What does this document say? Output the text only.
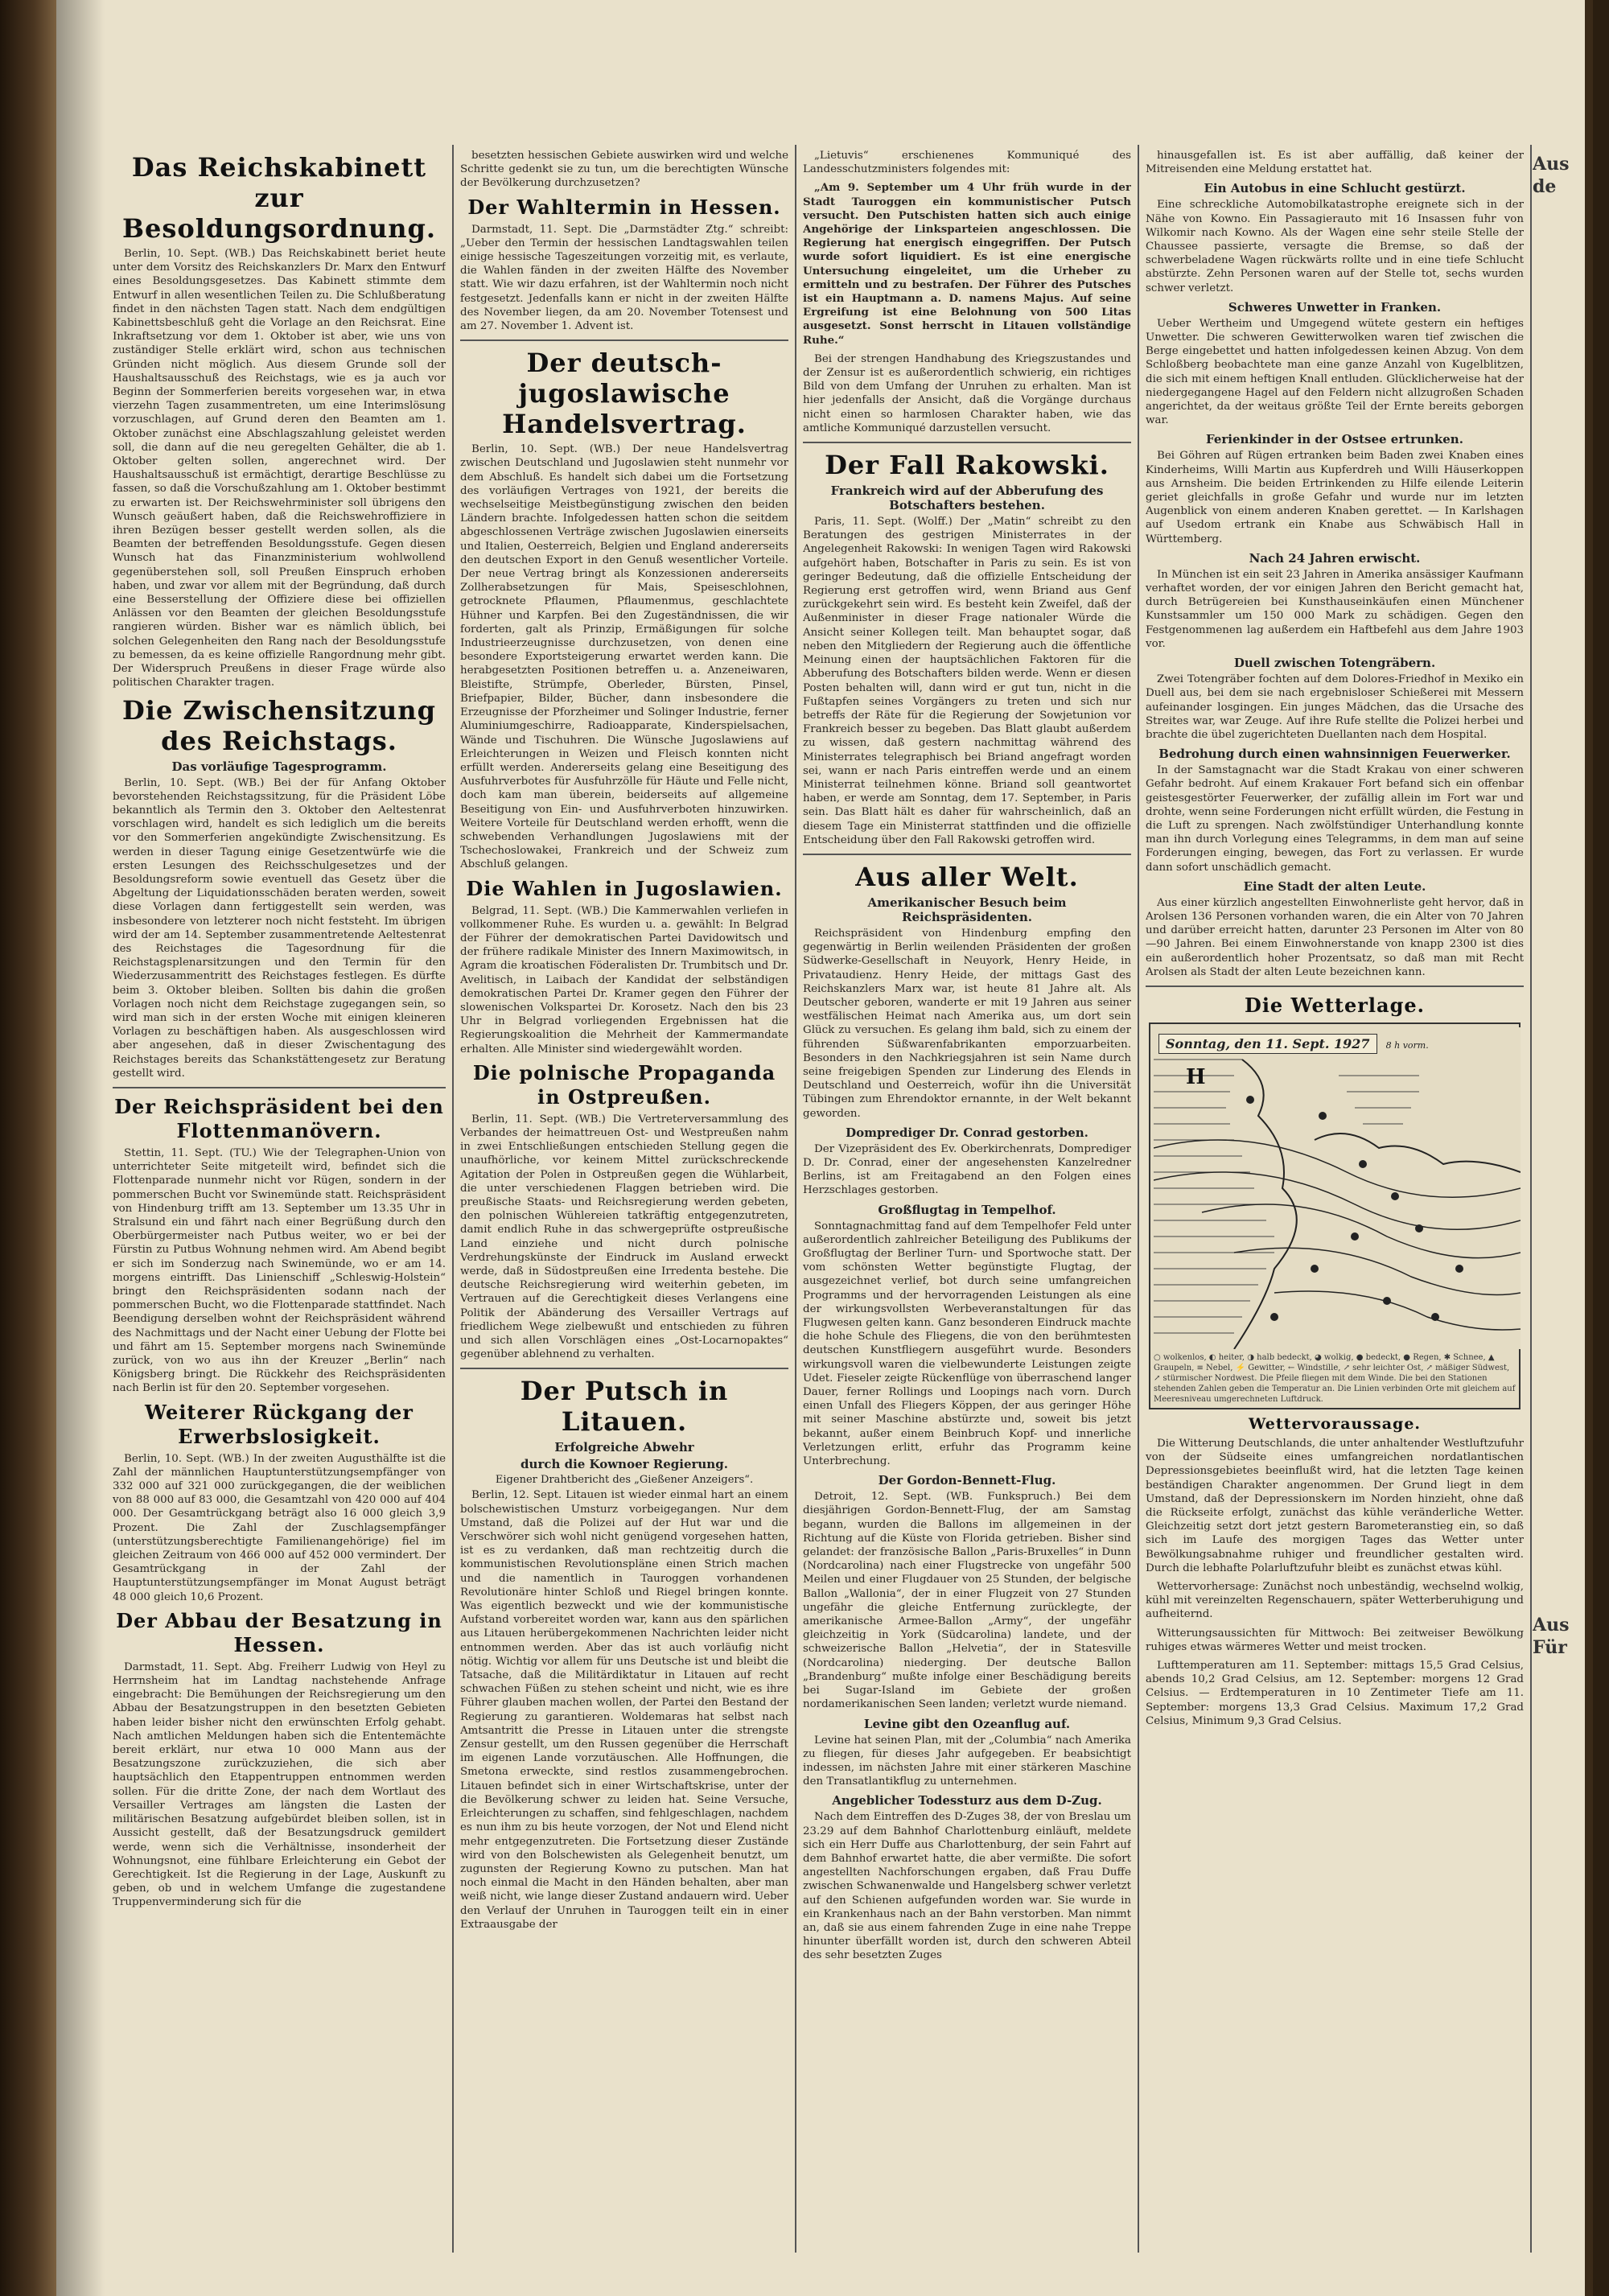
Das Reichskabinett zur Besoldungsordnung.

Berlin, 10. Sept. (WB.) Das Reichskabinett beriet heute unter dem Vorsitz des Reichskanzlers Dr. Marx den Entwurf eines Besoldungsgesetzes. Das Kabinett stimmte dem Entwurf in allen wesentlichen Teilen zu. Die Schlußberatung findet in den nächsten Tagen statt. Nach dem endgültigen Kabinettsbeschluß geht die Vorlage an den Reichsrat. Eine Inkraftsetzung vor dem 1. Oktober ist aber, wie uns von zuständiger Stelle erklärt wird, schon aus technischen Gründen nicht möglich. Aus diesem Grunde soll der Haushaltsausschuß des Reichstags, wie es ja auch vor Beginn der Sommerferien bereits vorgesehen war, in etwa vierzehn Tagen zusammentreten, um eine Interimslösung vorzuschlagen, auf Grund deren den Beamten am 1. Oktober zunächst eine Abschlagszahlung geleistet werden soll, die dann auf die neu geregelten Gehälter, die ab 1. Oktober gelten sollen, angerechnet wird. Der Haushaltsausschuß ist ermächtigt, derartige Beschlüsse zu fassen, so daß die Vorschußzahlung am 1. Oktober bestimmt zu erwarten ist. Der Reichswehrminister soll übrigens den Wunsch geäußert haben, daß die Reichswehroffiziere in ihren Bezügen besser gestellt werden sollen, als die Beamten der betreffenden Besoldungsstufe. Gegen diesen Wunsch hat das Finanzministerium wohlwollend gegenüberstehen soll, soll Preußen Einspruch erhoben haben, und zwar vor allem mit der Begründung, daß durch eine Besserstellung der Offiziere diese bei offiziellen Anlässen vor den Beamten der gleichen Besoldungsstufe rangieren würden. Bisher war es nämlich üblich, bei solchen Gelegenheiten den Rang nach der Besoldungsstufe zu bemessen, da es keine offizielle Rangordnung mehr gibt. Der Widerspruch Preußens in dieser Frage würde also politischen Charakter tragen.

Die Zwischensitzung des Reichstags.
Das vorläufige Tagesprogramm.

Berlin, 10. Sept. (WB.) Bei der für Anfang Oktober bevorstehenden Reichstagssitzung, für die Präsident Löbe bekanntlich als Termin den 3. Oktober den Aeltestenrat vorschlagen wird, handelt es sich lediglich um die bereits vor den Sommerferien angekündigte Zwischensitzung. Es werden in dieser Tagung einige Gesetzentwürfe wie die ersten Lesungen des Reichsschulgesetzes und der Besoldungsreform sowie eventuell das Gesetz über die Abgeltung der Liquidationsschäden beraten werden, soweit diese Vorlagen dann fertiggestellt sein werden, was insbesondere von letzterer noch nicht feststeht. Im übrigen wird der am 14. September zusammentretende Aeltestenrat des Reichstages die Tagesordnung für die Reichstagsplenarsitzungen und den Termin für den Wiederzusammentritt des Reichstages festlegen. Es dürfte beim 3. Oktober bleiben. Sollten bis dahin die großen Vorlagen noch nicht dem Reichstage zugegangen sein, so wird man sich in der ersten Woche mit einigen kleineren Vorlagen zu beschäftigen haben. Als ausgeschlossen wird aber angesehen, daß in dieser Zwischentagung des Reichstages bereits das Schankstättengesetz zur Beratung gestellt wird.

Der Reichspräsident bei den Flottenmanövern.

Stettin, 11. Sept. (TU.) Wie der Telegraphen-Union von unterrichteter Seite mitgeteilt wird, befindet sich die Flottenparade nunmehr nicht vor Rügen, sondern in der pommerschen Bucht vor Swinemünde statt. Reichspräsident von Hindenburg trifft am 13. September um 13.35 Uhr in Stralsund ein und fährt nach einer Begrüßung durch den Oberbürgermeister nach Putbus weiter, wo er bei der Fürstin zu Putbus Wohnung nehmen wird. Am Abend begibt er sich im Sonderzug nach Swinemünde, wo er am 14. morgens eintrifft. Das Linienschiff „Schleswig-Holstein“ bringt den Reichspräsidenten sodann nach der pommerschen Bucht, wo die Flottenparade stattfindet. Nach Beendigung derselben wohnt der Reichspräsident während des Nachmittags und der Nacht einer Uebung der Flotte bei und fährt am 15. September morgens nach Swinemünde zurück, von wo aus ihn der Kreuzer „Berlin“ nach Königsberg bringt. Die Rückkehr des Reichspräsidenten nach Berlin ist für den 20. September vorgesehen.

Weiterer Rückgang der Erwerbslosigkeit.

Berlin, 10. Sept. (WB.) In der zweiten Augusthälfte ist die Zahl der männlichen Hauptunterstützungsempfänger von 332 000 auf 321 000 zurückgegangen, die der weiblichen von 88 000 auf 83 000, die Gesamtzahl von 420 000 auf 404 000. Der Gesamtrückgang beträgt also 16 000 gleich 3,9 Prozent. Die Zahl der Zuschlagsempfänger (unterstützungsberechtigte Familienangehörige) fiel im gleichen Zeitraum von 466 000 auf 452 000 vermindert. Der Gesamtrückgang in der Zahl der Hauptunterstützungsempfänger im Monat August beträgt 48 000 gleich 10,6 Prozent.

Der Abbau der Besatzung in Hessen.

Darmstadt, 11. Sept. Abg. Freiherr Ludwig von Heyl zu Herrnsheim hat im Landtag nachstehende Anfrage eingebracht: Die Bemühungen der Reichsregierung um den Abbau der Besatzungstruppen in den besetzten Gebieten haben leider bisher nicht den erwünschten Erfolg gehabt. Nach amtlichen Meldungen haben sich die Ententemächte bereit erklärt, nur etwa 10 000 Mann aus der Besatzungszone zurückzuziehen, die sich aber hauptsächlich den Etappentruppen entnommen werden sollen. Für die dritte Zone, der nach dem Wortlaut des Versailler Vertrages am längsten die Lasten der militärischen Besatzung aufgebürdet bleiben sollen, ist in Aussicht gestellt, daß der Besatzungsdruck gemildert werde, wenn sich die Verhältnisse, insonderheit der Wohnungsnot, eine fühlbare Erleichterung ein Gebot der Gerechtigkeit. Ist die Regierung in der Lage, Auskunft zu geben, ob und in welchem Umfange die zugestandene Truppenverminderung sich für die

besetzten hessischen Gebiete auswirken wird und welche Schritte gedenkt sie zu tun, um die berechtigten Wünsche der Bevölkerung durchzusetzen?

Der Wahltermin in Hessen.

Darmstadt, 11. Sept. Die „Darmstädter Ztg.“ schreibt: „Ueber den Termin der hessischen Landtagswahlen teilen einige hessische Tageszeitungen vorzeitig mit, es verlaute, die Wahlen fänden in der zweiten Hälfte des November statt. Wie wir dazu erfahren, ist der Wahltermin noch nicht festgesetzt. Jedenfalls kann er nicht in der zweiten Hälfte des November liegen, da am 20. November Totensest und am 27. November 1. Advent ist.

Der deutsch-jugoslawische Handelsvertrag.

Berlin, 10. Sept. (WB.) Der neue Handelsvertrag zwischen Deutschland und Jugoslawien steht nunmehr vor dem Abschluß. Es handelt sich dabei um die Fortsetzung des vorläufigen Vertrages von 1921, der bereits die wechselseitige Meistbegünstigung zwischen den beiden Ländern brachte. Infolgedessen hatten schon die seitdem abgeschlossenen Verträge zwischen Jugoslawien einerseits und Italien, Oesterreich, Belgien und England andererseits den deutschen Export in den Genuß wesentlicher Vorteile. Der neue Vertrag bringt als Konzessionen andererseits Zollherabsetzungen für Mais, Speiseschlohnen, getrocknete Pflaumen, Pflaumenmus, geschlachtete Hühner und Karpfen. Bei den Zugeständnissen, die wir forderten, galt als Prinzip, Ermäßigungen für solche Industrieerzeugnisse durchzusetzen, von denen eine besondere Exportsteigerung erwartet werden kann. Die herabgesetzten Positionen betreffen u. a. Anzeneiwaren, Bleistifte, Strümpfe, Oberleder, Bürsten, Pinsel, Briefpapier, Bilder, Bücher, dann insbesondere die Erzeugnisse der Pforzheimer und Solinger Industrie, ferner Aluminiumgeschirre, Radioapparate, Kinderspielsachen, Wände und Tischuhren. Die Wünsche Jugoslawiens auf Erleichterungen in Weizen und Fleisch konnten nicht erfüllt werden. Andererseits gelang eine Beseitigung des Ausfuhrverbotes für Ausfuhrzölle für Häute und Felle nicht, doch kam man überein, beiderseits auf allgemeine Beseitigung von Ein- und Ausfuhrverboten hinzuwirken. Weitere Vorteile für Deutschland werden erhofft, wenn die schwebenden Verhandlungen Jugoslawiens mit der Tschechoslowakei, Frankreich und der Schweiz zum Abschluß gelangen.

Die Wahlen in Jugoslawien.

Belgrad, 11. Sept. (WB.) Die Kammerwahlen verliefen in vollkommener Ruhe. Es wurden u. a. gewählt: In Belgrad der Führer der demokratischen Partei Davidowitsch und der frühere radikale Minister des Innern Maximowitsch, in Agram die kroatischen Föderalisten Dr. Trumbitsch und Dr. Avelitisch, in Laibach der Kandidat der selbständigen demokratischen Partei Dr. Kramer gegen den Führer der slowenischen Volkspartei Dr. Korosetz. Nach den bis 23 Uhr in Belgrad vorliegenden Ergebnissen hat die Regierungskoalition die Mehrheit der Kammermandate erhalten. Alle Minister sind wiedergewählt worden.

Die polnische Propaganda in Ostpreußen.

Berlin, 11. Sept. (WB.) Die Vertreterversammlung des Verbandes der heimattreuen Ost- und Westpreußen nahm in zwei Entschließungen entschieden Stellung gegen die unaufhörliche, vor keinem Mittel zurückschreckende Agitation der Polen in Ostpreußen gegen die Wühlarbeit, die unter verschiedenen Flaggen betrieben wird. Die preußische Staats- und Reichsregierung werden gebeten, den polnischen Wühlereien tatkräftig entgegenzutreten, damit endlich Ruhe in das schwergeprüfte ostpreußische Land einziehe und nicht durch polnische Verdrehungskünste der Eindruck im Ausland erweckt werde, daß in Südostpreußen eine Irredenta bestehe. Die deutsche Reichsregierung wird weiterhin gebeten, im Vertrauen auf die Gerechtigkeit dieses Verlangens eine Politik der Abänderung des Versailler Vertrags auf friedlichem Wege zielbewußt und entschieden zu führen und sich allen Vorschlägen eines „Ost-Locarnopaktes“ gegenüber ablehnend zu verhalten.

Der Putsch in Litauen.
Erfolgreiche Abwehr
durch die Kownoer Regierung.
Eigener Drahtbericht des „Gießener Anzeigers“.

Berlin, 12. Sept. Litauen ist wieder einmal hart an einem bolschewistischen Umsturz vorbeigegangen. Nur dem Umstand, daß die Polizei auf der Hut war und die Verschwörer sich wohl nicht genügend vorgesehen hatten, ist es zu verdanken, daß man rechtzeitig durch die kommunistischen Revolutionspläne einen Strich machen und die namentlich in Tauroggen vorhandenen Revolutionäre hinter Schloß und Riegel bringen konnte. Was eigentlich bezweckt und wie der kommunistische Aufstand vorbereitet worden war, kann aus den spärlichen aus Litauen herübergekommenen Nachrichten leider nicht entnommen werden. Aber das ist auch vorläufig nicht nötig. Wichtig vor allem für uns Deutsche ist und bleibt die Tatsache, daß die Militärdiktatur in Litauen auf recht schwachen Füßen zu stehen scheint und nicht, wie es ihre Führer glauben machen wollen, der Partei den Bestand der Regierung zu garantieren. Woldemaras hat selbst nach Amtsantritt die Presse in Litauen unter die strengste Zensur gestellt, um den Russen gegenüber die Herrschaft im eigenen Lande vorzutäuschen. Alle Hoffnungen, die Smetona erweckte, sind restlos zusammengebrochen. Litauen befindet sich in einer Wirtschaftskrise, unter der die Bevölkerung schwer zu leiden hat. Seine Versuche, Erleichterungen zu schaffen, sind fehlgeschlagen, nachdem es nun ihm zu bis heute vorzogen, der Not und Elend nicht mehr entgegenzutreten. Die Fortsetzung dieser Zustände wird von den Bolschewisten als Gelegenheit benutzt, um zugunsten der Regierung Kowno zu putschen. Man hat noch einmal die Macht in den Händen behalten, aber man weiß nicht, wie lange dieser Zustand andauern wird. Ueber den Verlauf der Unruhen in Tauroggen teilt ein in einer Extraausgabe der

„Lietuvis“ erschienenes Kommuniqué des Landesschutzministers folgendes mit:

„Am 9. September um 4 Uhr früh wurde in der Stadt Tauroggen ein kommunistischer Putsch versucht. Den Putschisten hatten sich auch einige Angehörige der Linksparteien angeschlossen. Die Regierung hat energisch eingegriffen. Der Putsch wurde sofort liquidiert. Es ist eine energische Untersuchung eingeleitet, um die Urheber zu ermitteln und zu bestrafen. Der Führer des Putsches ist ein Hauptmann a. D. namens Majus. Auf seine Ergreifung ist eine Belohnung von 500 Litas ausgesetzt. Sonst herrscht in Litauen vollständige Ruhe.“

Bei der strengen Handhabung des Kriegszustandes und der Zensur ist es außerordentlich schwierig, ein richtiges Bild von dem Umfang der Unruhen zu erhalten. Man ist hier jedenfalls der Ansicht, daß die Vorgänge durchaus nicht einen so harmlosen Charakter haben, wie das amtliche Kommuniqué darzustellen versucht.

Der Fall Rakowski.
Frankreich wird auf der Abberufung des Botschafters bestehen.

Paris, 11. Sept. (Wolff.) Der „Matin“ schreibt zu den Beratungen des gestrigen Ministerrates in der Angelegenheit Rakowski: In wenigen Tagen wird Rakowski aufgehört haben, Botschafter in Paris zu sein. Es ist von geringer Bedeutung, daß die offizielle Entscheidung der Regierung erst getroffen wird, wenn Briand aus Genf zurückgekehrt sein wird. Es besteht kein Zweifel, daß der Außenminister in dieser Frage nationaler Würde die Ansicht seiner Kollegen teilt. Man behauptet sogar, daß neben den Mitgliedern der Regierung auch die öffentliche Meinung einen der hauptsächlichen Faktoren für die Abberufung des Botschafters bilden werde. Wenn er diesen Posten behalten will, dann wird er gut tun, nicht in die Fußtapfen seines Vorgängers zu treten und sich nur betreffs der Räte für die Regierung der Sowjetunion vor Frankreich besser zu begeben. Das Blatt glaubt außerdem zu wissen, daß gestern nachmittag während des Ministerrates telegraphisch bei Briand angefragt worden sei, wann er nach Paris eintreffen werde und an einem Ministerrat teilnehmen könne. Briand soll geantwortet haben, er werde am Sonntag, dem 17. September, in Paris sein. Das Blatt hält es daher für wahrscheinlich, daß an diesem Tage ein Ministerrat stattfinden und die offizielle Entscheidung über den Fall Rakowski getroffen wird.

Aus aller Welt.
Amerikanischer Besuch beim Reichspräsidenten.

Reichspräsident von Hindenburg empfing den gegenwärtig in Berlin weilenden Präsidenten der großen Südwerke-Gesellschaft in Neuyork, Henry Heide, in Privataudienz. Henry Heide, der mittags Gast des Reichskanzlers Marx war, ist heute 81 Jahre alt. Als Deutscher geboren, wanderte er mit 19 Jahren aus seiner westfälischen Heimat nach Amerika aus, um dort sein Glück zu versuchen. Es gelang ihm bald, sich zu einem der führenden Süßwarenfabrikanten emporzuarbeiten. Besonders in den Nachkriegsjahren ist sein Name durch seine freigebigen Spenden zur Linderung des Elends in Deutschland und Oesterreich, wofür ihn die Universität Tübingen zum Ehrendoktor ernannte, in der Welt bekannt geworden.

Domprediger Dr. Conrad gestorben.

Der Vizepräsident des Ev. Oberkirchenrats, Domprediger D. Dr. Conrad, einer der angesehensten Kanzelredner Berlins, ist am Freitagabend an den Folgen eines Herzschlages gestorben.

Großflugtag in Tempelhof.

Sonntagnachmittag fand auf dem Tempelhofer Feld unter außerordentlich zahlreicher Beteiligung des Publikums der Großflugtag der Berliner Turn- und Sportwoche statt. Der vom schönsten Wetter begünstigte Flugtag, der ausgezeichnet verlief, bot durch seine umfangreichen Programms und der hervorragenden Leistungen als eine der wirkungsvollsten Werbeveranstaltungen für das Flugwesen gelten kann. Ganz besonderen Eindruck machte die hohe Schule des Fliegens, die von den berühmtesten deutschen Kunstfliegern ausgeführt wurde. Besonders wirkungsvoll waren die vielbewunderte Leistungen zeigte Udet. Fieseler zeigte Rückenflüge von überraschend langer Dauer, ferner Rollings und Loopings nach vorn. Durch einen Unfall des Fliegers Köppen, der aus geringer Höhe mit seiner Maschine abstürzte und, soweit bis jetzt bekannt, außer einem Beinbruch Kopf- und innerliche Verletzungen erlitt, erfuhr das Programm keine Unterbrechung.

Der Gordon-Bennett-Flug.

Detroit, 12. Sept. (WB. Funkspruch.) Bei dem diesjährigen Gordon-Bennett-Flug, der am Samstag begann, wurden die Ballons im allgemeinen in der Richtung auf die Küste von Florida getrieben. Bisher sind gelandet: der französische Ballon „Paris-Bruxelles“ in Dunn (Nordcarolina) nach einer Flugstrecke von ungefähr 500 Meilen und einer Flugdauer von 25 Stunden, der belgische Ballon „Wallonia“, der in einer Flugzeit von 27 Stunden ungefähr die gleiche Entfernung zurücklegte, der amerikanische Armee-Ballon „Army“, der ungefähr gleichzeitig in York (Südcarolina) landete, und der schweizerische Ballon „Helvetia“, der in Statesville (Nordcarolina) niederging. Der deutsche Ballon „Brandenburg“ mußte infolge einer Beschädigung bereits bei Sugar-Island im Gebiete der großen nordamerikanischen Seen landen; verletzt wurde niemand.

Levine gibt den Ozeanflug auf.

Levine hat seinen Plan, mit der „Columbia“ nach Amerika zu fliegen, für dieses Jahr aufgegeben. Er beabsichtigt indessen, im nächsten Jahre mit einer stärkeren Maschine den Transatlantikflug zu unternehmen.

Angeblicher Todessturz aus dem D-Zug.

Nach dem Eintreffen des D-Zuges 38, der von Breslau um 23.29 auf dem Bahnhof Charlottenburg einläuft, meldete sich ein Herr Duffe aus Charlottenburg, der sein Fahrt auf dem Bahnhof erwartet hatte, die aber vermißte. Die sofort angestellten Nachforschungen ergaben, daß Frau Duffe zwischen Schwanenwalde und Hangelsberg schwer verletzt auf den Schienen aufgefunden worden war. Sie wurde in ein Krankenhaus nach an der Bahn verstorben. Man nimmt an, daß sie aus einem fahrenden Zuge in eine nahe Treppe hinunter überfällt worden ist, durch den schweren Abteil des sehr besetzten Zuges

hinausgefallen ist. Es ist aber auffällig, daß keiner der Mitreisenden eine Meldung erstattet hat.

Ein Autobus in eine Schlucht gestürzt.

Eine schreckliche Automobilkatastrophe ereignete sich in der Nähe von Kowno. Ein Passagierauto mit 16 Insassen fuhr von Wilkomir nach Kowno. Als der Wagen eine sehr steile Stelle der Chaussee passierte, versagte die Bremse, so daß der schwerbeladene Wagen rückwärts rollte und in eine tiefe Schlucht abstürzte. Zehn Personen waren auf der Stelle tot, sechs wurden schwer verletzt.

Schweres Unwetter in Franken.

Ueber Wertheim und Umgegend wütete gestern ein heftiges Unwetter. Die schweren Gewitterwolken waren tief zwischen die Berge eingebettet und hatten infolgedessen keinen Abzug. Von dem Schloßberg beobachtete man eine ganze Anzahl von Kugelblitzen, die sich mit einem heftigen Knall entluden. Glücklicherweise hat der niedergegangene Hagel auf den Feldern nicht allzugroßen Schaden angerichtet, da der weitaus größte Teil der Ernte bereits geborgen war.

Ferienkinder in der Ostsee ertrunken.

Bei Göhren auf Rügen ertranken beim Baden zwei Knaben eines Kinderheims, Willi Martin aus Kupferdreh und Willi Häuserkoppen aus Arnsheim. Die beiden Ertrinkenden zu Hilfe eilende Leiterin geriet gleichfalls in große Gefahr und wurde nur im letzten Augenblick von einem anderen Knaben gerettet. — In Karlshagen auf Usedom ertrank ein Knabe aus Schwäbisch Hall in Württemberg.

Nach 24 Jahren erwischt.

In München ist ein seit 23 Jahren in Amerika ansässiger Kaufmann verhaftet worden, der vor einigen Jahren den Bericht gemacht hat, durch Betrügereien bei Kunsthauseinkäufen einen Münchener Kunstsammler um 150 000 Mark zu schädigen. Gegen den Festgenommenen lag außerdem ein Haftbefehl aus dem Jahre 1903 vor.

Duell zwischen Totengräbern.

Zwei Totengräber fochten auf dem Dolores-Friedhof in Mexiko ein Duell aus, bei dem sie nach ergebnisloser Schießerei mit Messern aufeinander losgingen. Ein junges Mädchen, das die Ursache des Streites war, war Zeuge. Auf ihre Rufe stellte die Polizei herbei und brachte die übel zugerichteten Duellanten nach dem Hospital.

Bedrohung durch einen wahnsinnigen Feuerwerker.

In der Samstagnacht war die Stadt Krakau von einer schweren Gefahr bedroht. Auf einem Krakauer Fort befand sich ein offenbar geistesgestörter Feuerwerker, der zufällig allein im Fort war und drohte, wenn seine Forderungen nicht erfüllt würden, die Festung in die Luft zu sprengen. Nach zwölfstündiger Unterhandlung konnte man ihn durch Vorlegung eines Telegramms, in dem man auf seine Forderungen einging, bewegen, das Fort zu verlassen. Er wurde dann sofort unschädlich gemacht.

Eine Stadt der alten Leute.

Aus einer kürzlich angestellten Einwohnerliste geht hervor, daß in Arolsen 136 Personen vorhanden waren, die ein Alter von 70 Jahren und darüber erreicht hatten, darunter 23 Personen im Alter von 80—90 Jahren. Bei einem Einwohnerstande von knapp 2300 ist dies ein außerordentlich hoher Prozentsatz, so daß man mit Recht Arolsen als Stadt der alten Leute bezeichnen kann.

Die Wetterlage.
H
Sonntag, den 11. Sept. 1927 8 h vorm.
○ wolkenlos, ◐ heiter, ◑ halb bedeckt, ◕ wolkig, ● bedeckt, ● Regen, ✱ Schnee, ▲ Graupeln, ≡ Nebel, ⚡ Gewitter, ← Windstille, ↗ sehr leichter Ost, ↗ mäßiger Südwest, ↗ stürmischer Nordwest. Die Pfeile fliegen mit dem Winde. Die bei den Stationen stehenden Zahlen geben die Temperatur an. Die Linien verbinden Orte mit gleichem auf Meeresniveau umgerechneten Luftdruck.
Wettervoraussage.

Die Witterung Deutschlands, die unter anhaltender Westluftzufuhr von der Südseite eines umfangreichen nordatlantischen Depressionsgebietes beeinflußt wird, hat die letzten Tage keinen beständigen Charakter angenommen. Der Grund liegt in dem Umstand, daß der Depressionskern im Norden hinzieht, ohne daß die Rückseite erfolgt, zunächst das kühle veränderliche Wetter. Gleichzeitig setzt dort jetzt gestern Barometeranstieg ein, so daß sich im Laufe des morgigen Tages das Wetter unter Bewölkungsabnahme ruhiger und freundlicher gestalten wird. Durch die lebhafte Polarluftzufuhr bleibt es zunächst etwas kühl.

Wettervorhersage: Zunächst noch unbeständig, wechselnd wolkig, kühl mit vereinzelten Regenschauern, später Wetterberuhigung und aufheiternd.

Witterungsaussichten für Mittwoch: Bei zeitweiser Bewölkung ruhiges etwas wärmeres Wetter und meist trocken.

Lufttemperaturen am 11. September: mittags 15,5 Grad Celsius, abends 10,2 Grad Celsius, am 12. September: morgens 12 Grad Celsius. — Erdtemperaturen in 10 Zentimeter Tiefe am 11. September: morgens 13,3 Grad Celsius. Maximum 17,2 Grad Celsius, Minimum 9,3 Grad Celsius.

Aus de
Aus
Für
